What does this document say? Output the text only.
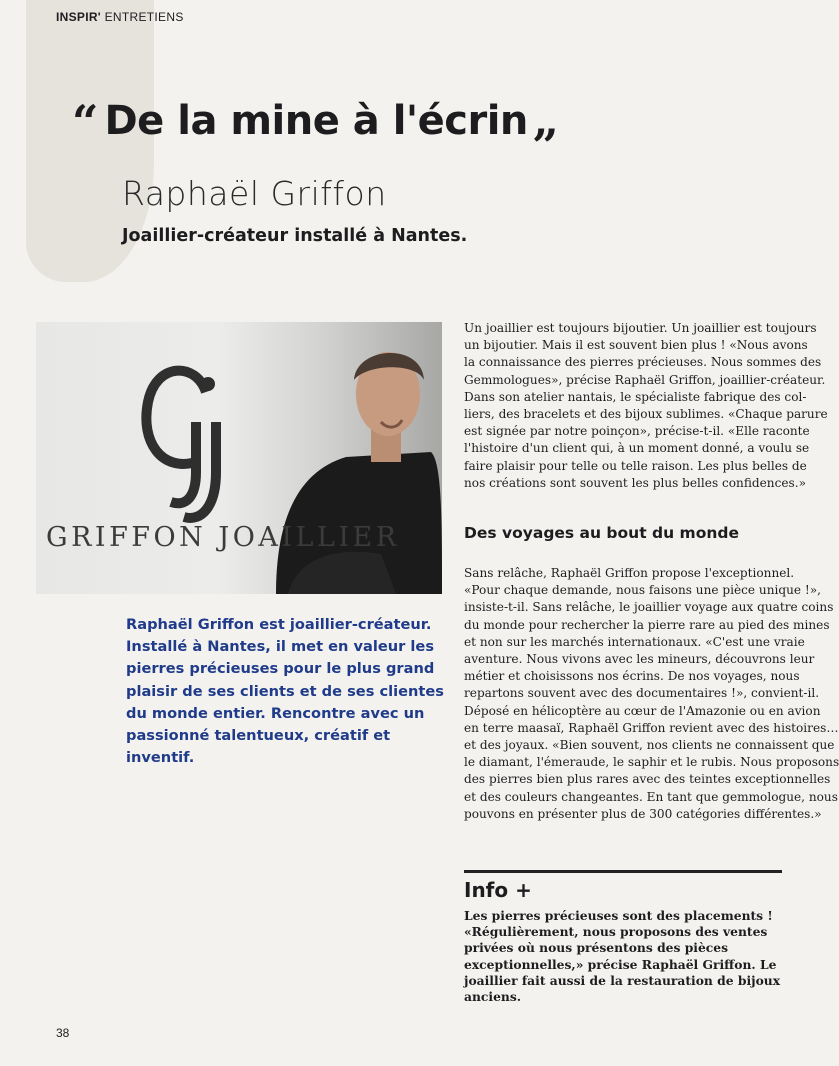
INSPIR' ENTRETIENS
“ De la mine à l'écrin”
Raphaël Griffon
Joaillier-créateur installé à Nantes.
GRIFFON JOAILLIER
Raphaël Griffon est joaillier-créateur. Installé à Nantes, il met en valeur les pierres précieuses pour le plus grand plaisir de ses clients et de ses clientes du monde entier. Rencontre avec un passionné talentueux, créatif et inventif.
Un joaillier est toujours bijoutier. Un joaillier est toujours
un bijoutier. Mais il est souvent bien plus ! «Nous avons
la connaissance des pierres précieuses. Nous sommes des
Gemmologues», précise Raphaël Griffon, joaillier-créateur.
Dans son atelier nantais, le spécialiste fabrique des col-
liers, des bracelets et des bijoux sublimes. «Chaque parure
est signée par notre poinçon», précise-t-il. «Elle raconte
l'histoire d'un client qui, à un moment donné, a voulu se
faire plaisir pour telle ou telle raison. Les plus belles de
nos créations sont souvent les plus belles confidences.»
Des voyages au bout du monde
Sans relâche, Raphaël Griffon propose l'exceptionnel.
«Pour chaque demande, nous faisons une pièce unique !»,
insiste-t-il. Sans relâche, le joaillier voyage aux quatre coins
du monde pour rechercher la pierre rare au pied des mines
et non sur les marchés internationaux. «C'est une vraie
aventure. Nous vivons avec les mineurs, découvrons leur
métier et choisissons nos écrins. De nos voyages, nous
repartons souvent avec des documentaires !», convient-il.
Déposé en hélicoptère au cœur de l'Amazonie ou en avion
en terre maasaï, Raphaël Griffon revient avec des histoires…
et des joyaux. «Bien souvent, nos clients ne connaissent que
le diamant, l'émeraude, le saphir et le rubis. Nous proposons
des pierres bien plus rares avec des teintes exceptionnelles
et des couleurs changeantes. En tant que gemmologue, nous
pouvons en présenter plus de 300 catégories différentes.»
Info +
Les pierres précieuses sont des placements !
«Régulièrement, nous proposons des ventes
privées où nous présentons des pièces
exceptionnelles,» précise Raphaël Griffon. Le
joaillier fait aussi de la restauration de bijoux
anciens.
38
